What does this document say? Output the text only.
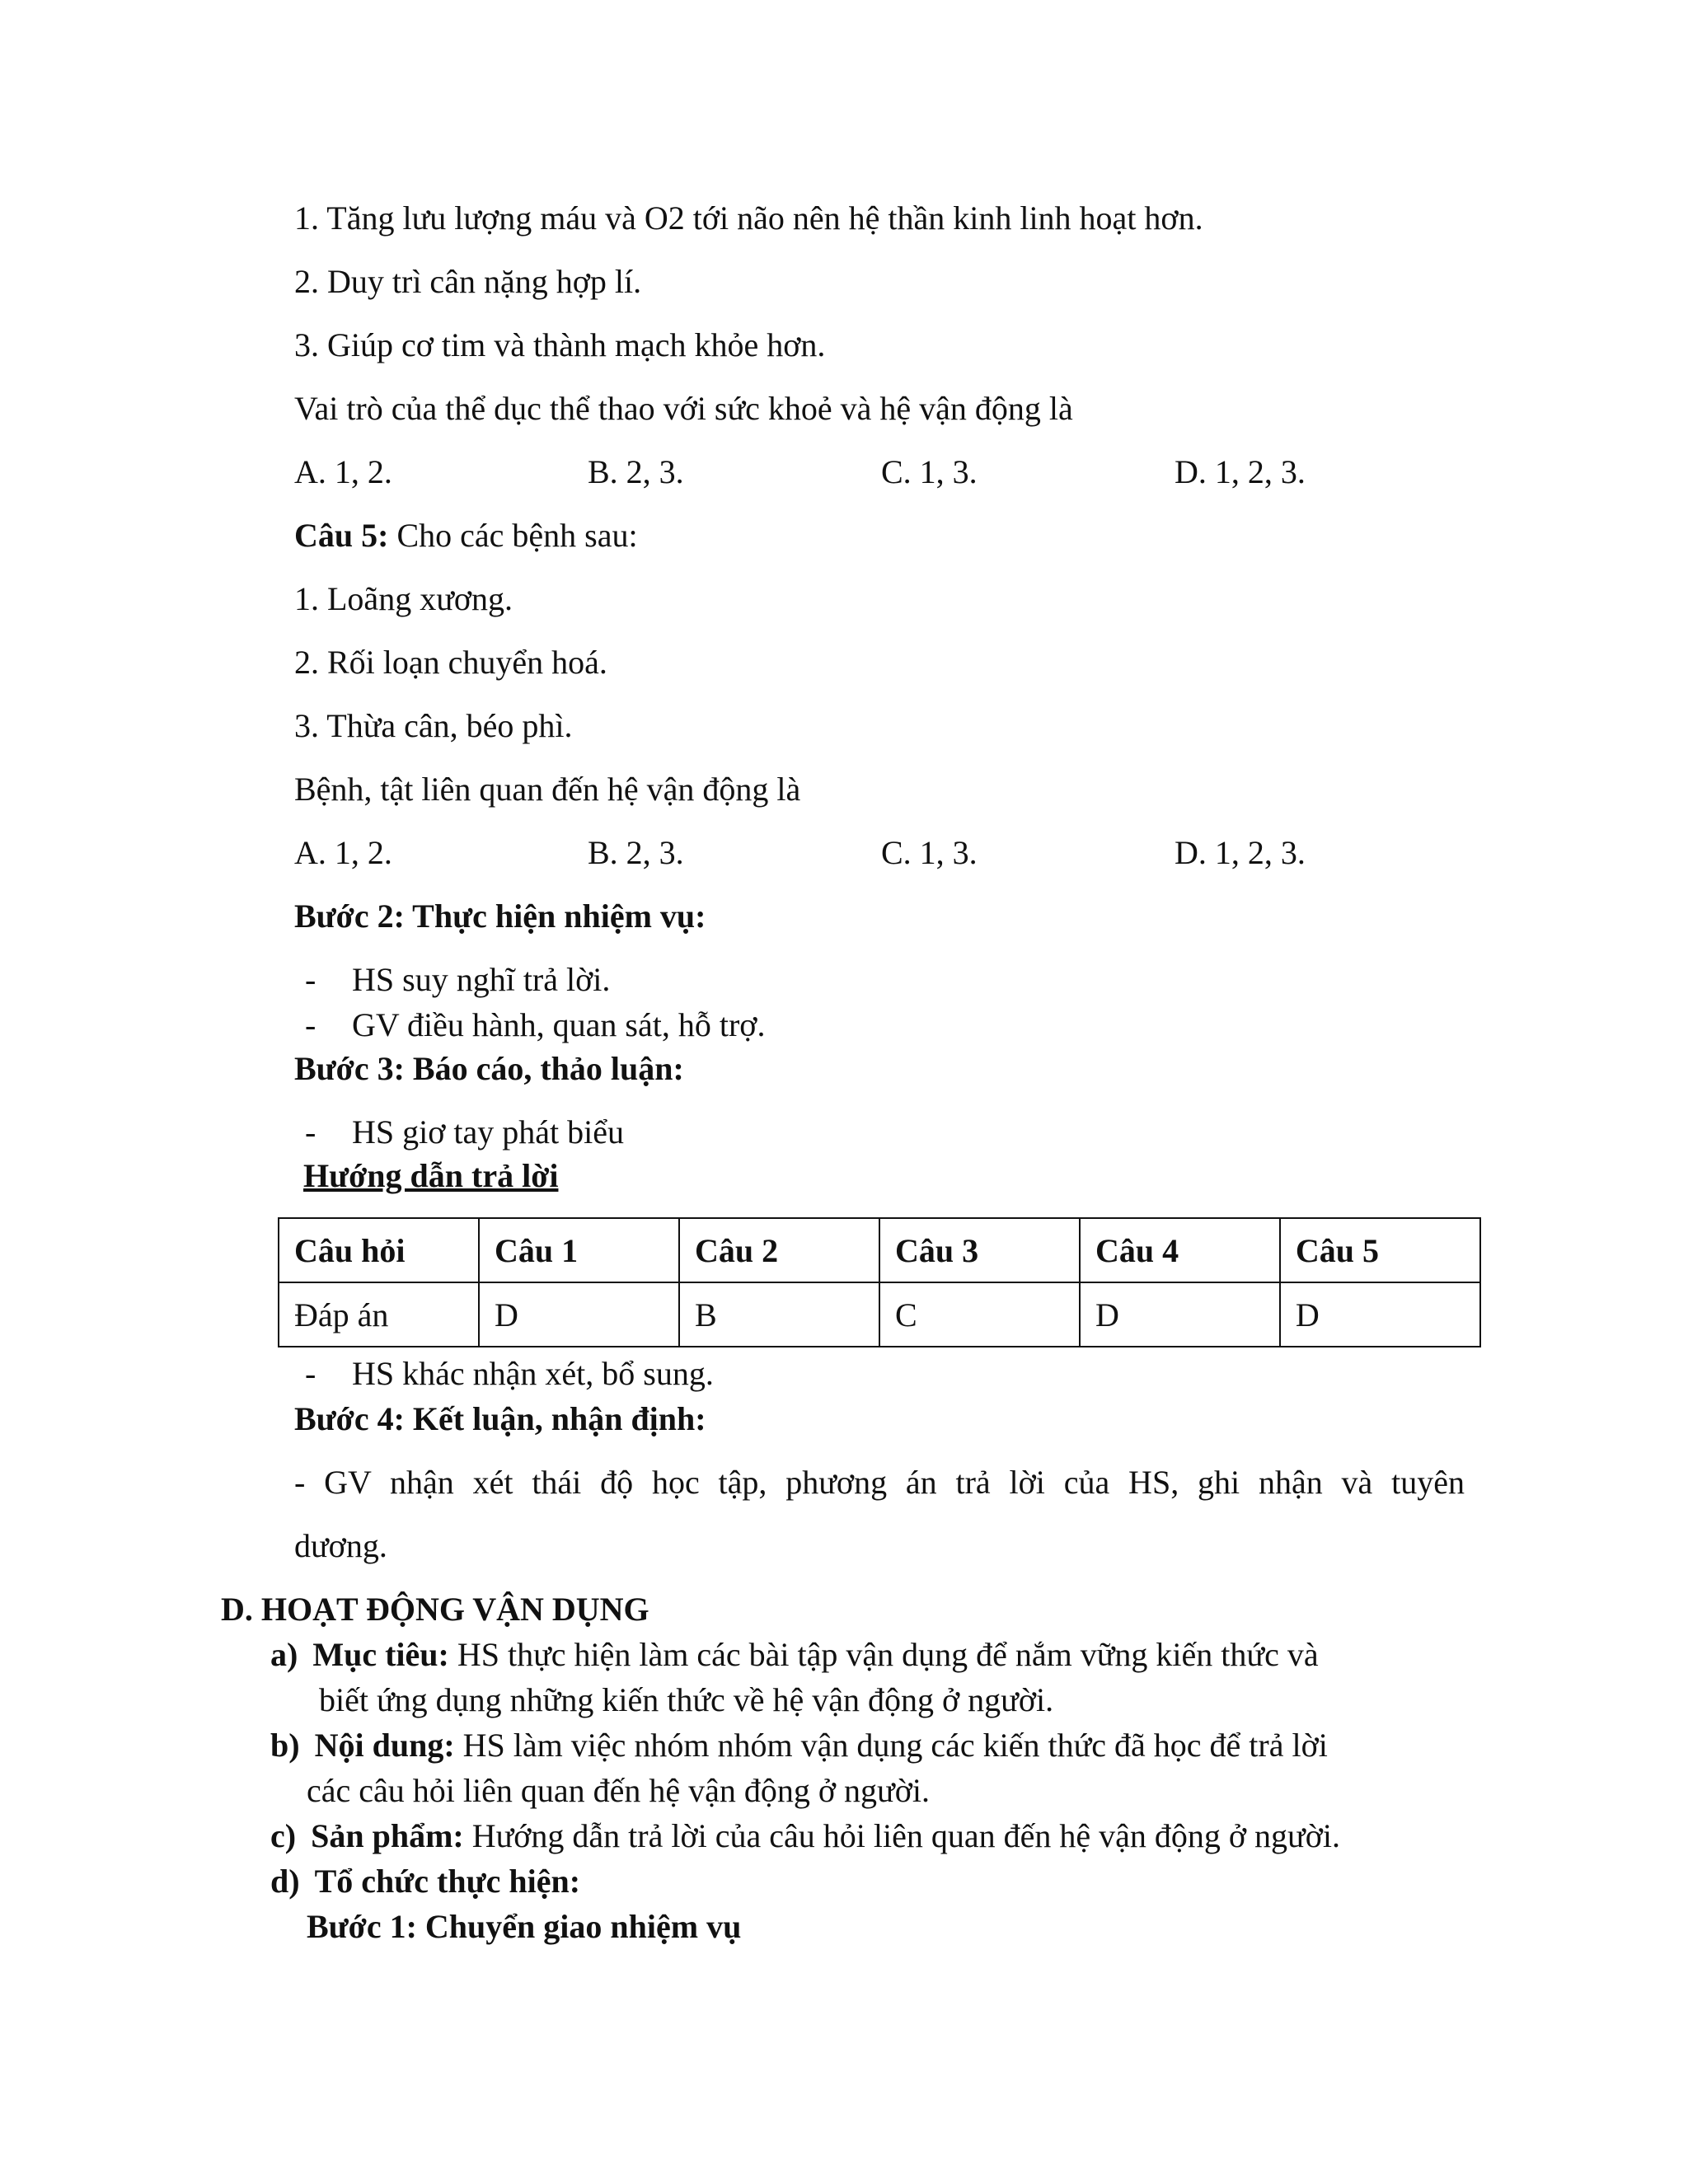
1. Tăng lưu lượng máu và O2 tới não nên hệ thần kinh linh hoạt hơn.
2. Duy trì cân nặng hợp lí.
3. Giúp cơ tim và thành mạch khỏe hơn.
Vai trò của thể dục thể thao với sức khoẻ và hệ vận động là
A. 1, 2.	B. 2, 3.	C. 1, 3.	D. 1, 2, 3.
Câu 5: Cho các bệnh sau:
1. Loãng xương.
2. Rối loạn chuyển hoá.
3. Thừa cân, béo phì.
Bệnh, tật liên quan đến hệ vận động là
A. 1, 2.	B. 2, 3.	C. 1, 3.	D. 1, 2, 3.
Bước 2: Thực hiện nhiệm vụ:
- HS suy nghĩ trả lời.
- GV điều hành, quan sát, hỗ trợ.
Bước 3: Báo cáo, thảo luận:
- HS giơ tay phát biểu
Hướng dẫn trả lời
Câu hỏi	Câu 1	Câu 2	Câu 3	Câu 4	Câu 5
Đáp án	D	B	C	D	D
- HS khác nhận xét, bổ sung.
Bước 4: Kết luận, nhận định:
- GV nhận xét thái độ học tập, phương án trả lời của HS, ghi nhận và tuyên
dương.
D. HOẠT ĐỘNG VẬN DỤNG
a) Mục tiêu: HS thực hiện làm các bài tập vận dụng để nắm vững kiến thức và
biết ứng dụng những kiến thức về hệ vận động ở người.
b) Nội dung: HS làm việc nhóm nhóm vận dụng các kiến thức đã học để trả lời
các câu hỏi liên quan đến hệ vận động ở người.
c) Sản phẩm: Hướng dẫn trả lời của câu hỏi liên quan đến hệ vận động ở người.
d) Tổ chức thực hiện:
Bước 1: Chuyển giao nhiệm vụ
